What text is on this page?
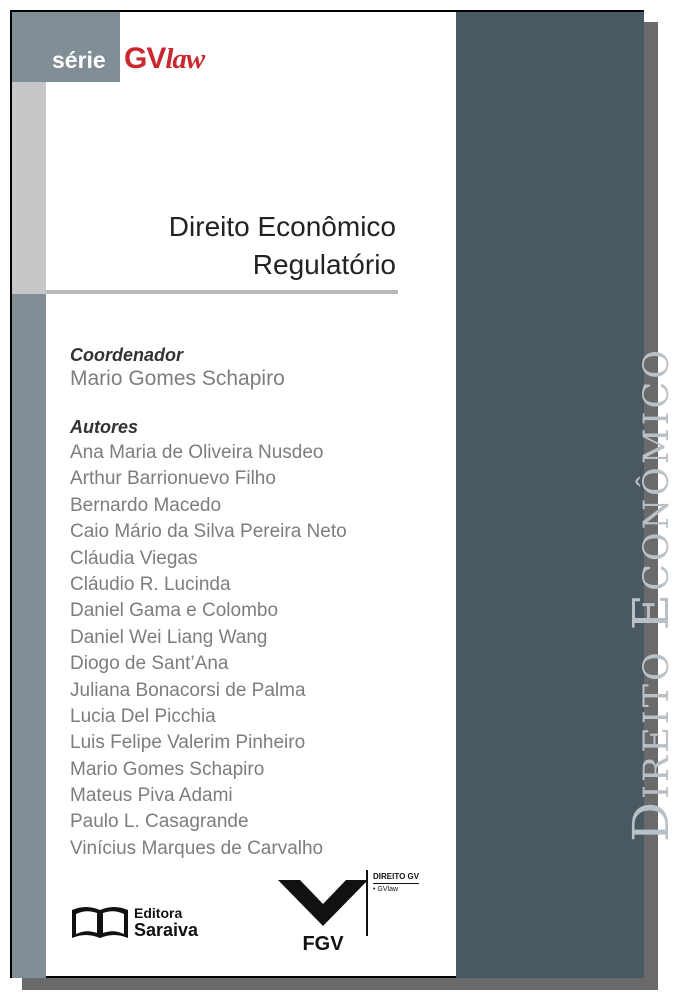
série GVlaw
Direito Econômico
Direito Econômico
Regulatório
Coordenador
Mario Gomes Schapiro
Autores
Ana Maria de Oliveira Nusdeo
Arthur Barrionuevo Filho
Bernardo Macedo
Caio Mário da Silva Pereira Neto
Cláudia Viegas
Cláudio R. Lucinda
Daniel Gama e Colombo
Daniel Wei Liang Wang
Diogo de Sant’Ana
Juliana Bonacorsi de Palma
Lucia Del Picchia
Luis Felipe Valerim Pinheiro
Mario Gomes Schapiro
Mateus Piva Adami
Paulo L. Casagrande
Vinícius Marques de Carvalho
Editora
Saraiva
FGV
DIREITO GV
• GVlaw
